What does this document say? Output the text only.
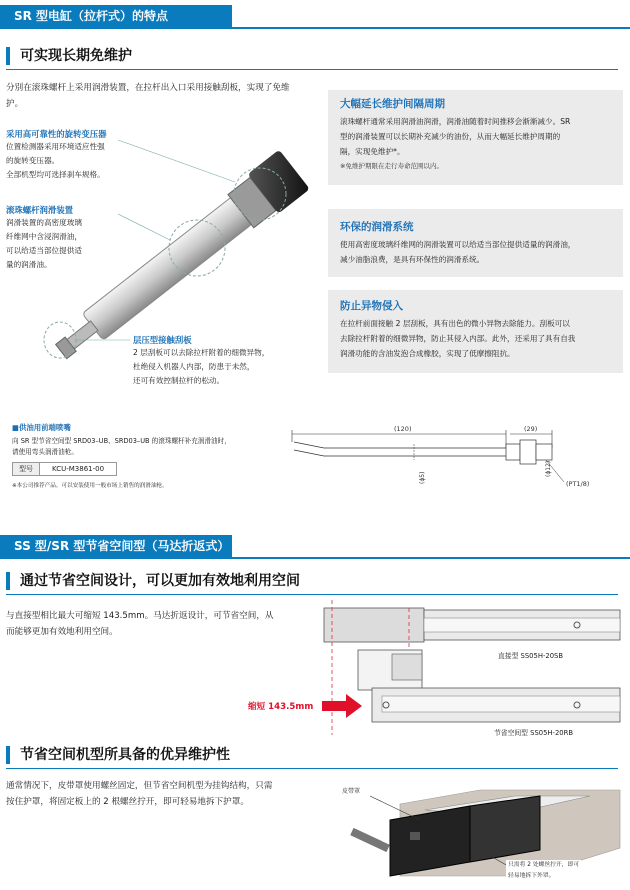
SR 型电缸（拉杆式）的特点
可实现长期免维护
分別在滚珠螺杆上采用润滑装置，在拉杆出入口采用接触刮板，实现了免维护。
采用高可靠性的旋转变压器
位置检测器采用环境适应性强
的旋转变压器。
全部机型均可选择刹车规格。
滚珠螺杆润滑装置
润滑装置的高密度玻璃
纤维网中含浸润滑油，
可以给适当部位提供适
量的润滑油。
层压型接触刮板
2 层刮板可以去除拉杆附着的细微异物，
杜绝侵入机器人内部，防患于未然，
还可有效控制拉杆的松动。
大幅延长维护间隔周期
滚珠螺杆通常采用润滑油润滑，润滑油随着时间推移会渐渐减少。SR
型的润滑装置可以长期补充减少的油份，从而大幅延长维护周期的
隔，实现免维护*。
※免维护期限在走行寿命范围以内。
环保的润滑系统
使用高密度玻璃纤维网的润滑装置可以给适当部位提供适量的润滑油，
减少油脂浪费，是具有环保性的润滑系统。
防止异物侵入
在拉杆前面接触 2 层刮板，具有出色的微小异物去除能力。刮板可以
去除拉杆附着的细微异物，防止其侵入内部。此外，还采用了具有自我
润滑功能的含油发泡合成橡胶，实现了低摩擦阻抗。
■供油用前端喷嘴
向 SR 型节省空间型 SRD03–UB、SRD03–UB 的滚珠螺杆补充润滑油时，
请使用弯头润滑油枪。
型号	KCU-M3861-00
※本公司推荐产品。可以安装使用一般市场上销售的润滑油枪。
(120)	(29)
(ϕ5)
(ϕ12)
(PT1/8)
SS 型/SR 型节省空间型（马达折返式）
通过节省空间设计，可以更加有效地利用空间
与直接型相比最大可缩短 143.5mm。马达折返设计，可节省空间，从
而能够更加有效地利用空间。
直接型 SS05H-20SB
节省空间型 SS05H-20RB
缩短 143.5mm
节省空间机型所具备的优异维护性
通常情况下，皮带罩使用螺丝固定，但节省空间机型为挂钩结构，只需
按住护罩，将固定板上的 2 根螺丝拧开，即可轻易地拆下护罩。
皮带罩
只需将 2 处螺丝拧开，即可
轻易地拆下外罩。
